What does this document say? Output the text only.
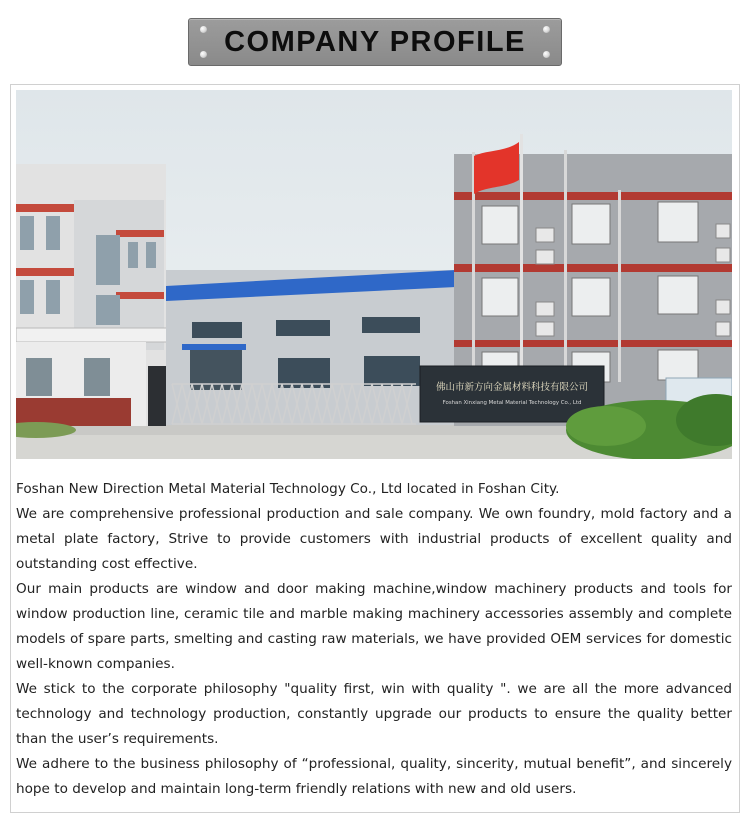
COMPANY PROFILE
佛山市新方向金属材料科技有限公司
Foshan Xinxiang Metal Material Technology Co., Ltd

Foshan New Direction Metal Material Technology Co., Ltd located in Foshan City.

We are comprehensive professional production and sale company. We own foundry, mold factory and a metal plate factory, Strive to provide customers with industrial products of excellent quality and outstanding cost effective.

Our main products are window and door making machine,window machinery products and tools for window production line, ceramic tile and marble making machinery accessories assembly and complete models of spare parts, smelting and casting raw materials, we have provided OEM services for domestic well-known companies.

We stick to the corporate philosophy "quality first, win with quality ". we are all the more advanced technology and technology production, constantly upgrade our products to ensure the quality better than the user’s requirements.

We adhere to the business philosophy of “professional, quality, sincerity, mutual benefit”, and sincerely hope to develop and maintain long-term friendly relations with new and old users.
